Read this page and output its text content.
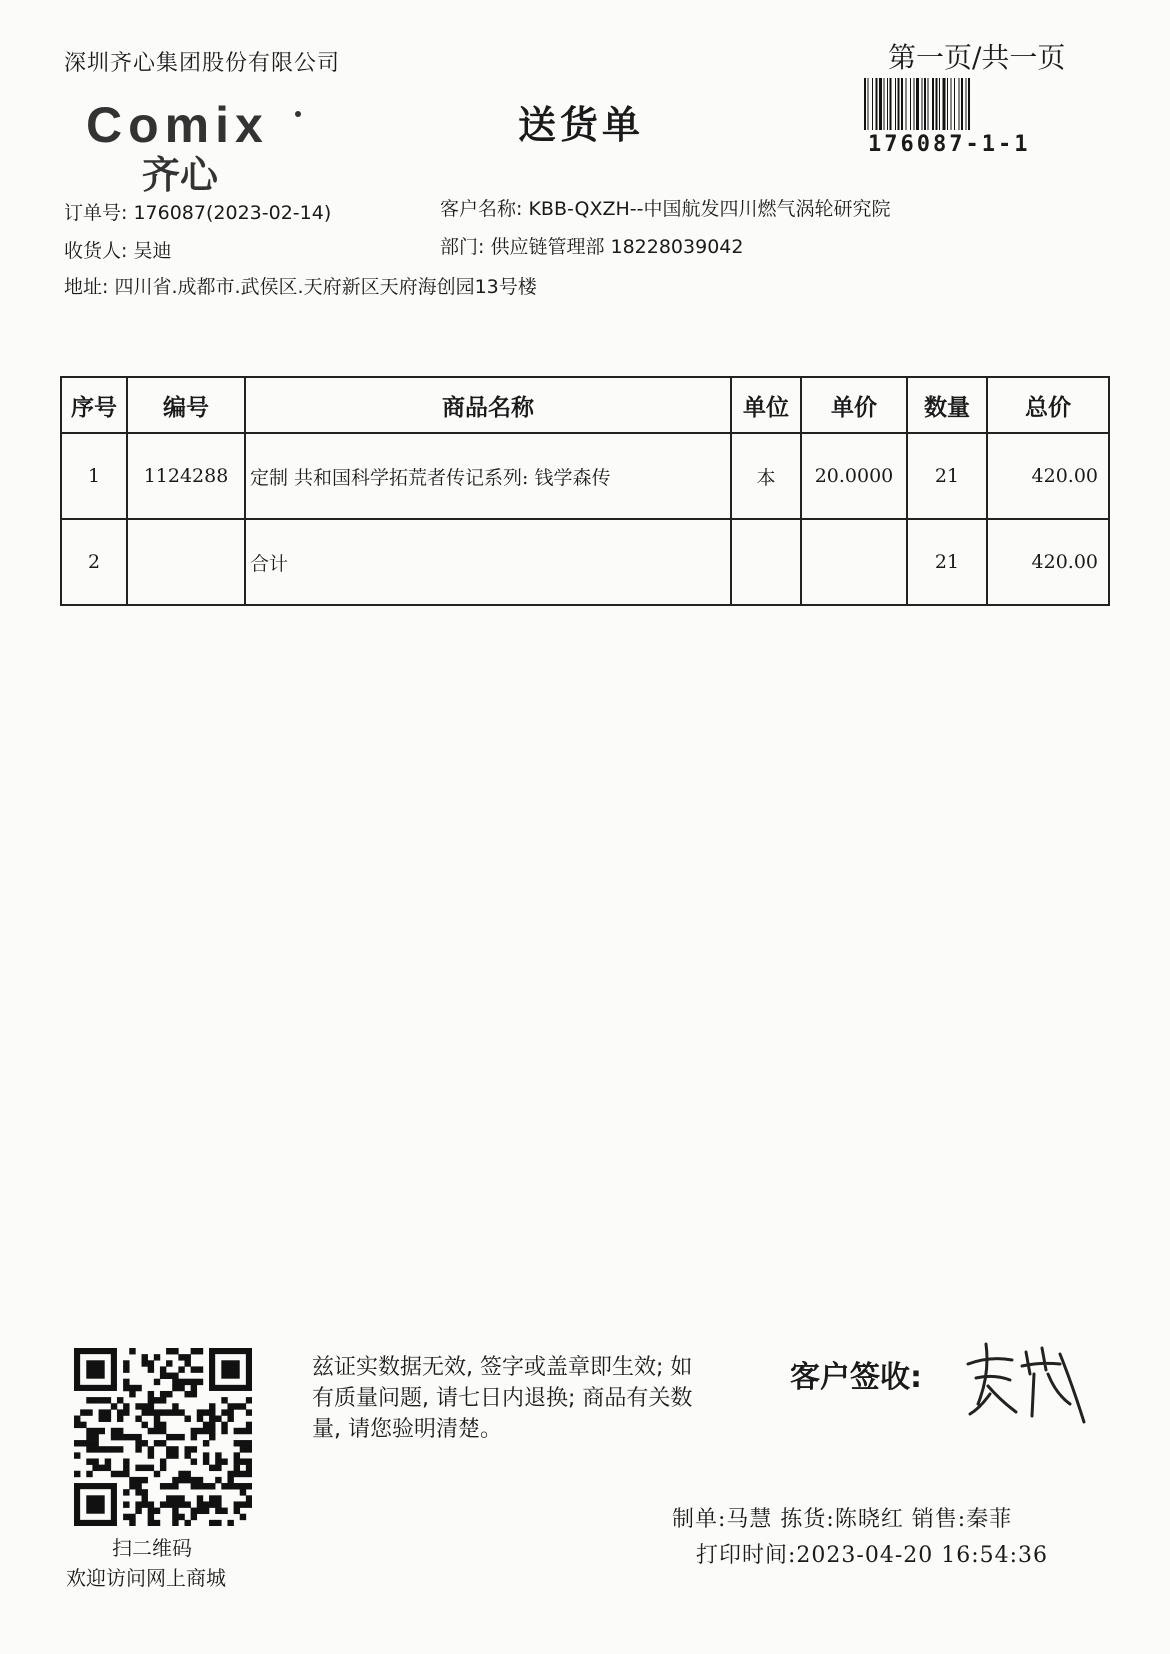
深圳齐心集团股份有限公司	第一页/共一页
176087-1-1
Comix
齐心
送货单
订单号: 176087(2023-02-14)	客户名称: KBB-QXZH--中国航发四川燃气涡轮研究院
收货人: 吴迪	部门: 供应链管理部 18228039042
地址: 四川省.成都市.武侯区.天府新区天府海创园13号楼
序号	编号	商品名称	单位	单价	数量	总价
1	1124288	定制 共和国科学拓荒者传记系列: 钱学森传	本	20.0000	21	420.00
2		合计			21	420.00
扫二维码
欢迎访问网上商城
兹证实数据无效, 签字或盖章即生效; 如有质量问题, 请七日内退换; 商品有关数量, 请您验明清楚。
客户签收:
制单:马慧 拣货:陈晓红 销售:秦菲
打印时间:2023-04-20 16:54:36
